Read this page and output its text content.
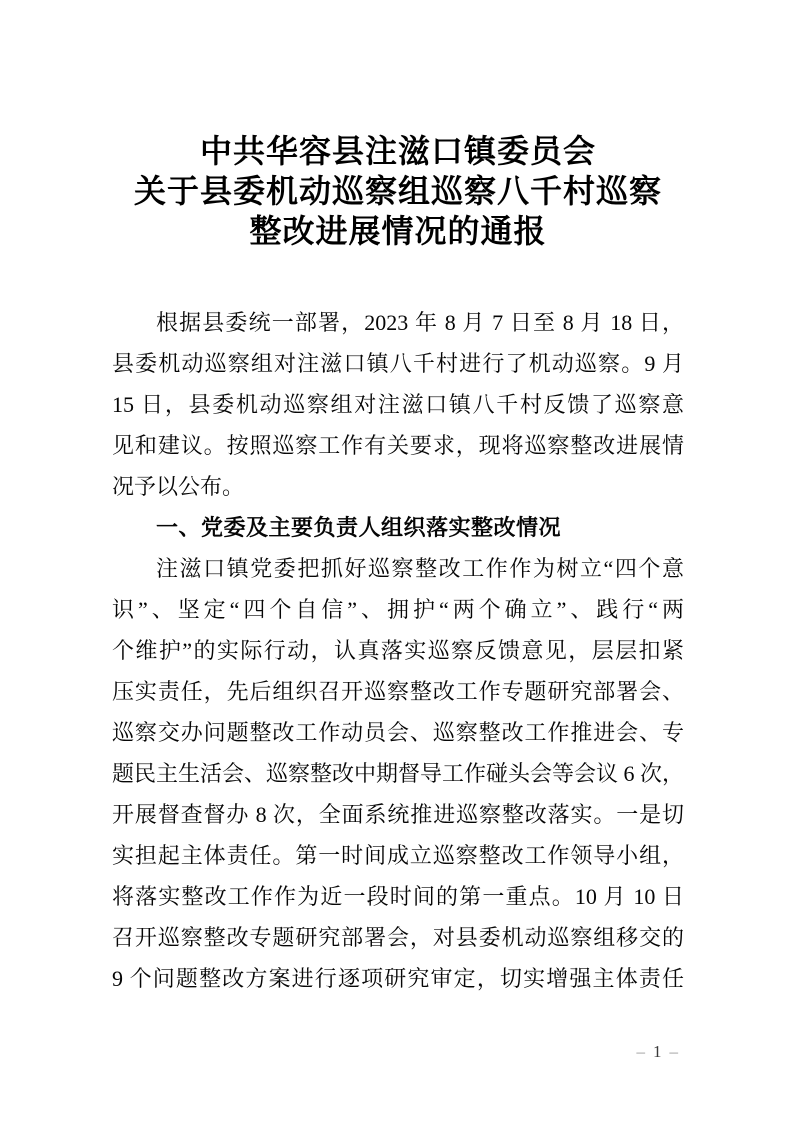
中共华容县注滋口镇委员会
关于县委机动巡察组巡察八千村巡察
整改进展情况的通报
根据县委统一部署，2023 年 8 月 7 日至 8 月 18 日，
县委机动巡察组对注滋口镇八千村进行了机动巡察。9 月
15 日，县委机动巡察组对注滋口镇八千村反馈了巡察意
见和建议。按照巡察工作有关要求，现将巡察整改进展情
况予以公布。
一、党委及主要负责人组织落实整改情况
注滋口镇党委把抓好巡察整改工作作为树立“四个意
识”、坚定“四个自信”、拥护“两个确立”、践行“两
个维护”的实际行动，认真落实巡察反馈意见，层层扣紧
压实责任，先后组织召开巡察整改工作专题研究部署会、
巡察交办问题整改工作动员会、巡察整改工作推进会、专
题民主生活会、巡察整改中期督导工作碰头会等会议 6 次，
开展督查督办 8 次，全面系统推进巡察整改落实。一是切
实担起主体责任。第一时间成立巡察整改工作领导小组，
将落实整改工作作为近一段时间的第一重点。10 月 10 日
召开巡察整改专题研究部署会，对县委机动巡察组移交的
9 个问题整改方案进行逐项研究审定，切实增强主体责任
– 1 –
